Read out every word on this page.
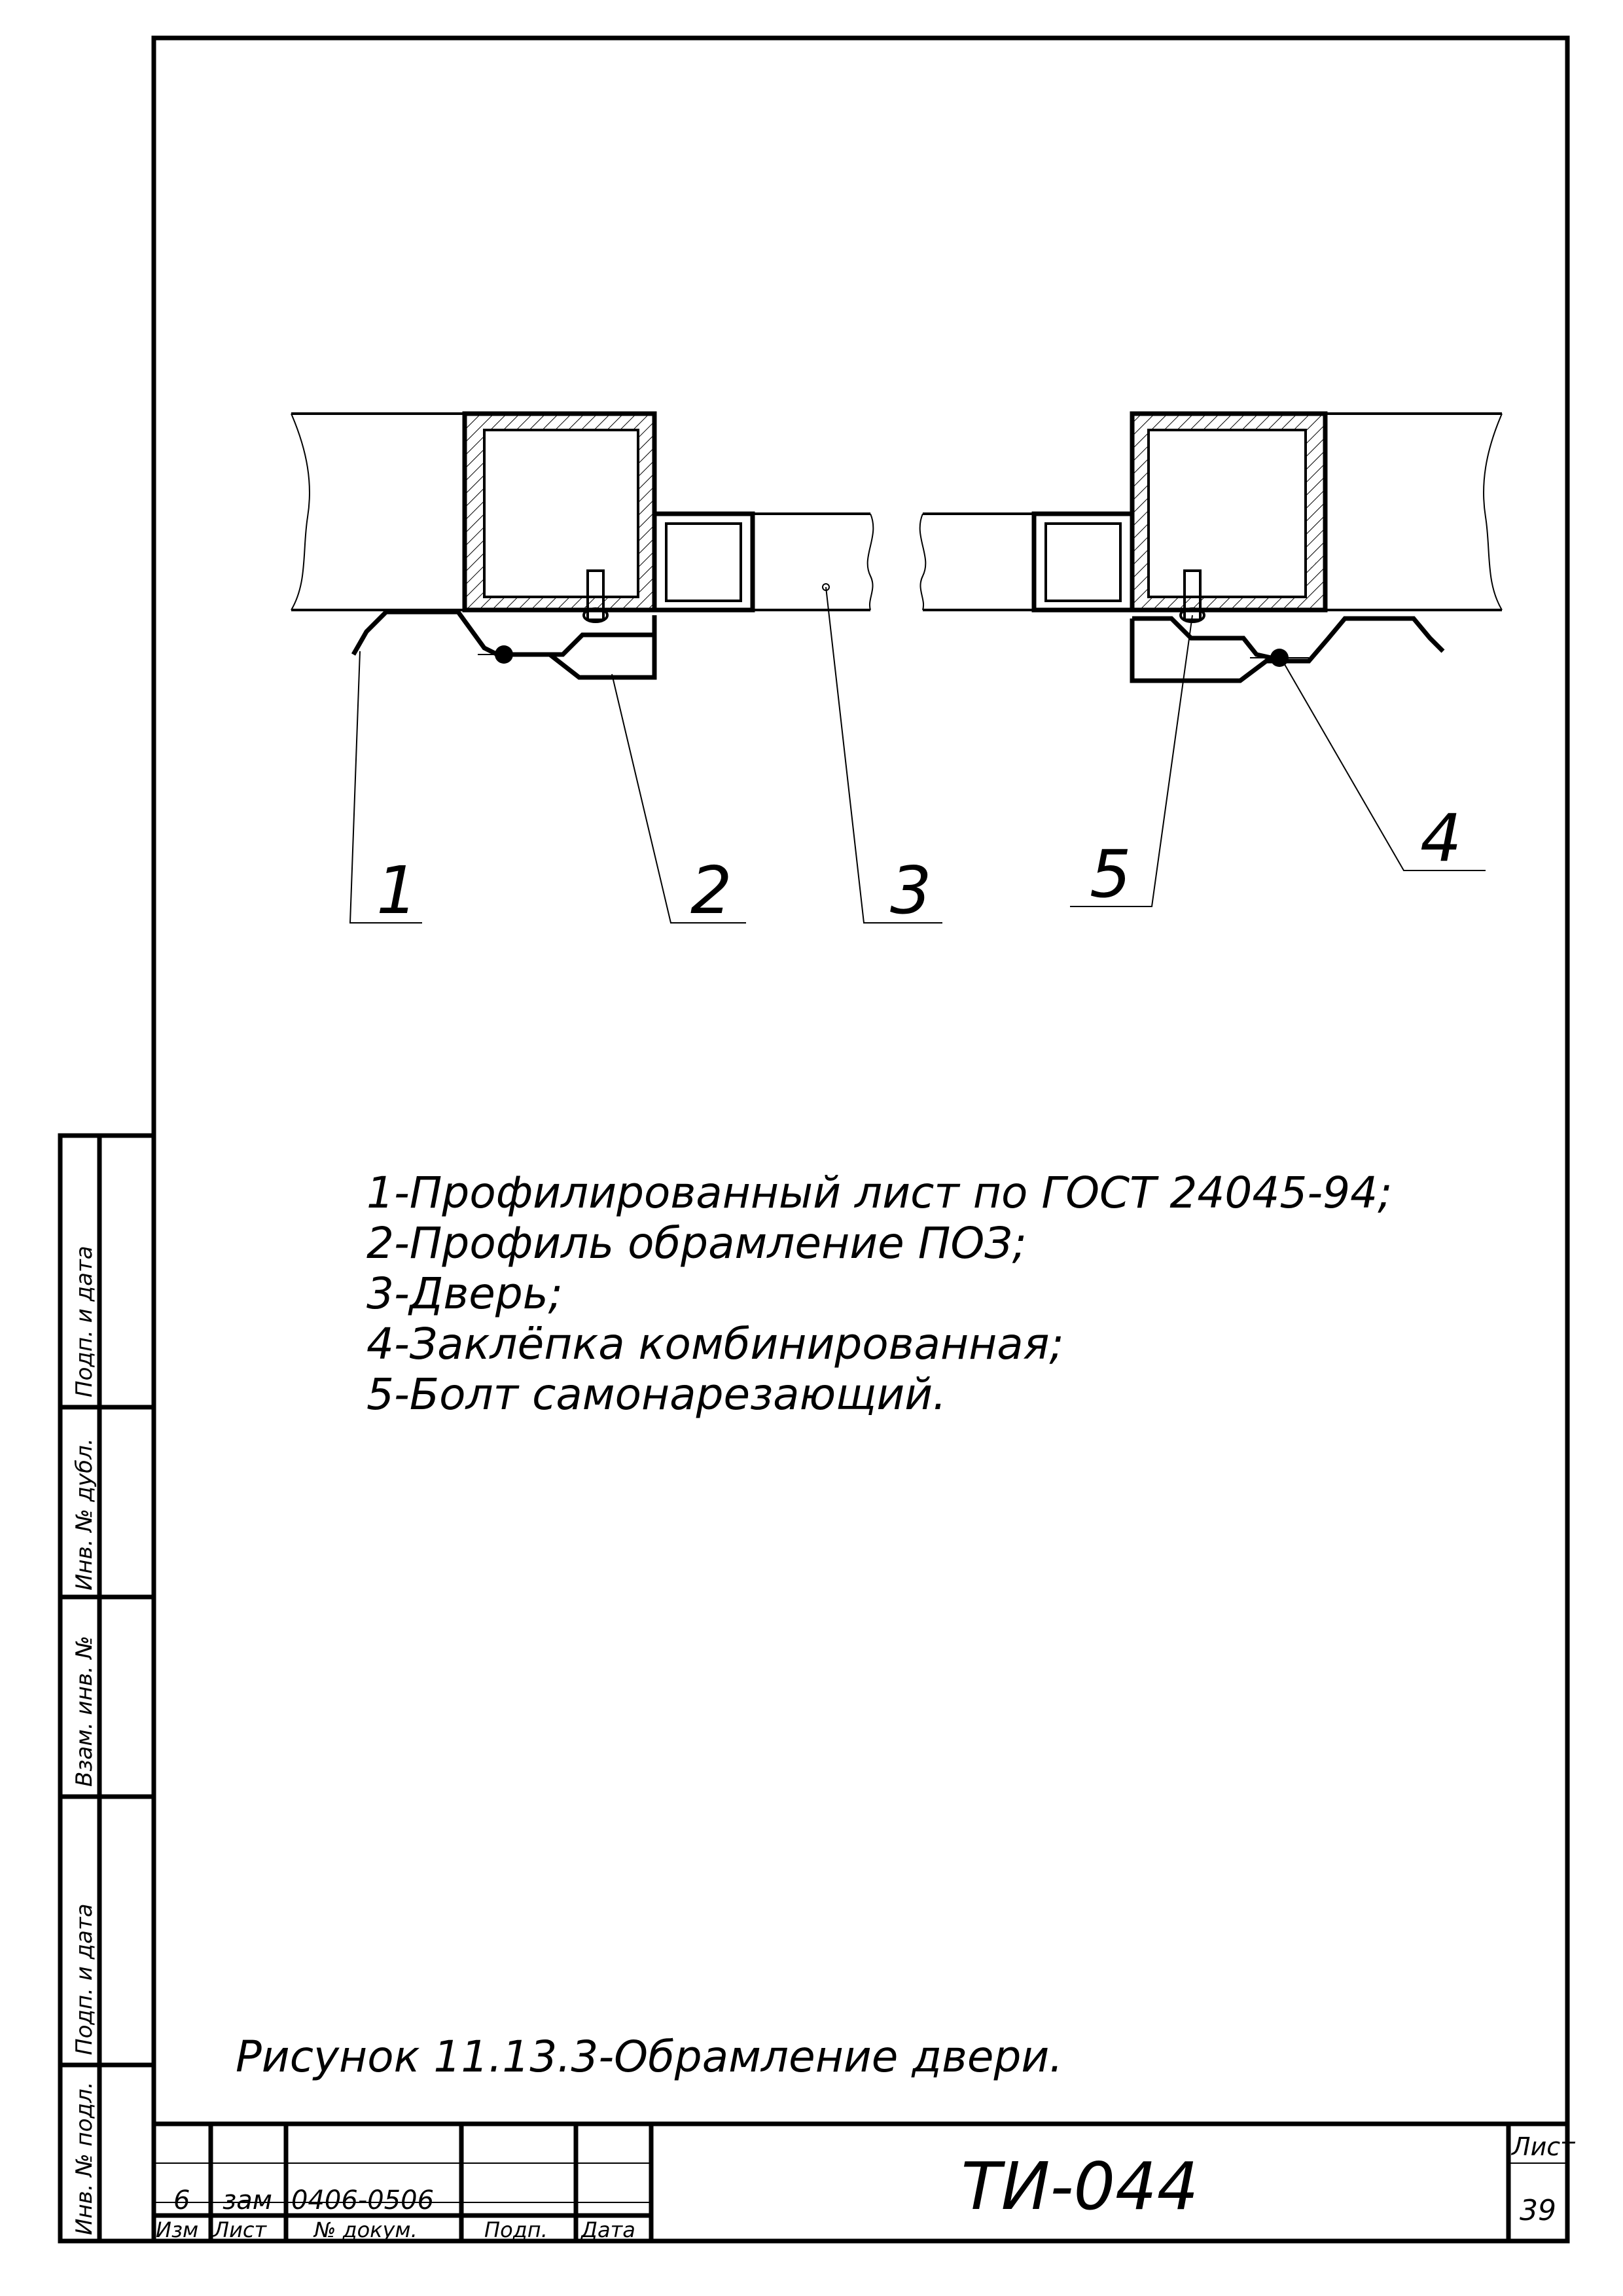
Инв. № подл.
Подп. и дата
Взам. инв. №
Инв. № дубл.
Подп. и дата
1	2 3 5	4
1-Профилированный лист по ГОСТ 24045-94;
2-Профиль обрамление ПОЗ;
3-Дверь;
4-Заклёпка комбинированная;
5-Болт самонарезающий.
Рисунок 11.13.3-Обрамление двери.
6 зам 0406-0506
Изм Лист № докум.	Подп. Дата
ТИ-044
Лист
39
